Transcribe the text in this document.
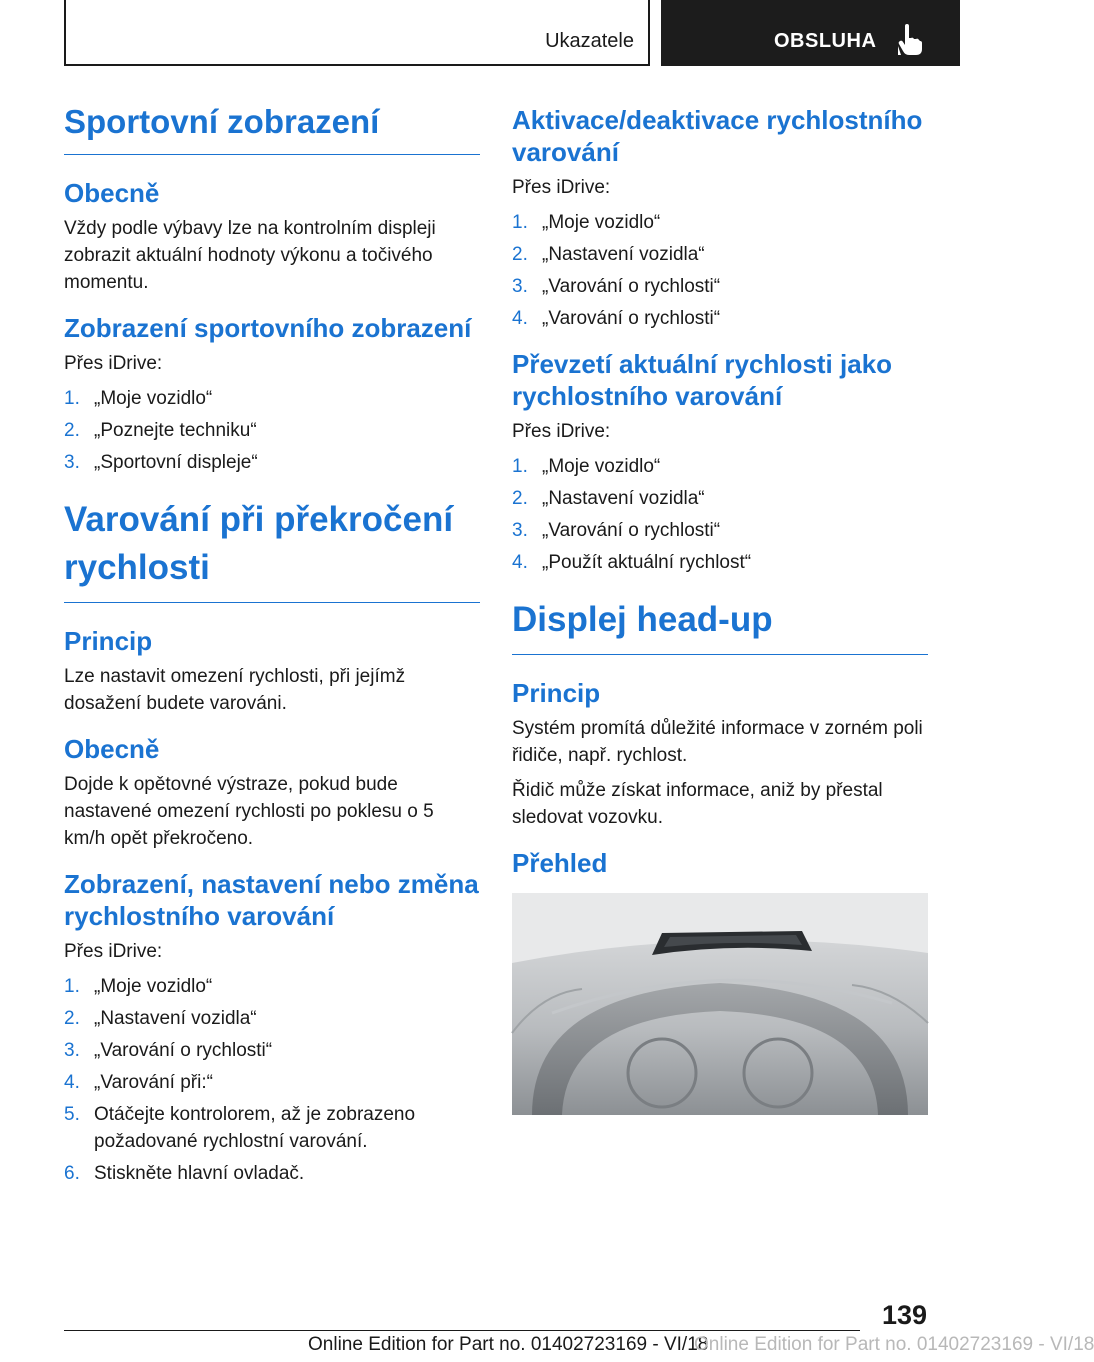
Ukazatele	OBSLUHA
Sportovní zobrazení
Obecně

Vždy podle výbavy lze na kontrolním displeji zobrazit aktuální hodnoty výkonu a točivého momentu.

Zobrazení sportovního zobrazení

Přes iDrive:

1. „Moje vozidlo“
2. „Poznejte techniku“
3. „Sportovní displeje“
Varování při překročení rychlosti
Princip

Lze nastavit omezení rychlosti, při jejímž dosažení budete varováni.

Obecně

Dojde k opětovné výstraze, pokud bude nastavené omezení rychlosti po poklesu o 5 km/h opět překročeno.

Zobrazení, nastavení nebo změna rychlostního varování

Přes iDrive:

1. „Moje vozidlo“
2. „Nastavení vozidla“
3. „Varování o rychlosti“
4. „Varování při:“
5. Otáčejte kontrolorem, až je zobrazeno požadované rychlostní varování.
6. Stiskněte hlavní ovladač.
Aktivace/deaktivace rychlostního varování

Přes iDrive:

1. „Moje vozidlo“
2. „Nastavení vozidla“
3. „Varování o rychlosti“
4. „Varování o rychlosti“
Převzetí aktuální rychlosti jako rychlostního varování

Přes iDrive:

1. „Moje vozidlo“
2. „Nastavení vozidla“
3. „Varování o rychlosti“
4. „Použít aktuální rychlost“
Displej head-up
Princip

Systém promítá důležité informace v zorném poli řidiče, např. rychlost.

Řidič může získat informace, aniž by přestal sledovat vozovku.

Přehled
139
Online Edition for Part no. 01402723169 - VI/18
Online Edition for Part no. 01402723169 - VI/18
